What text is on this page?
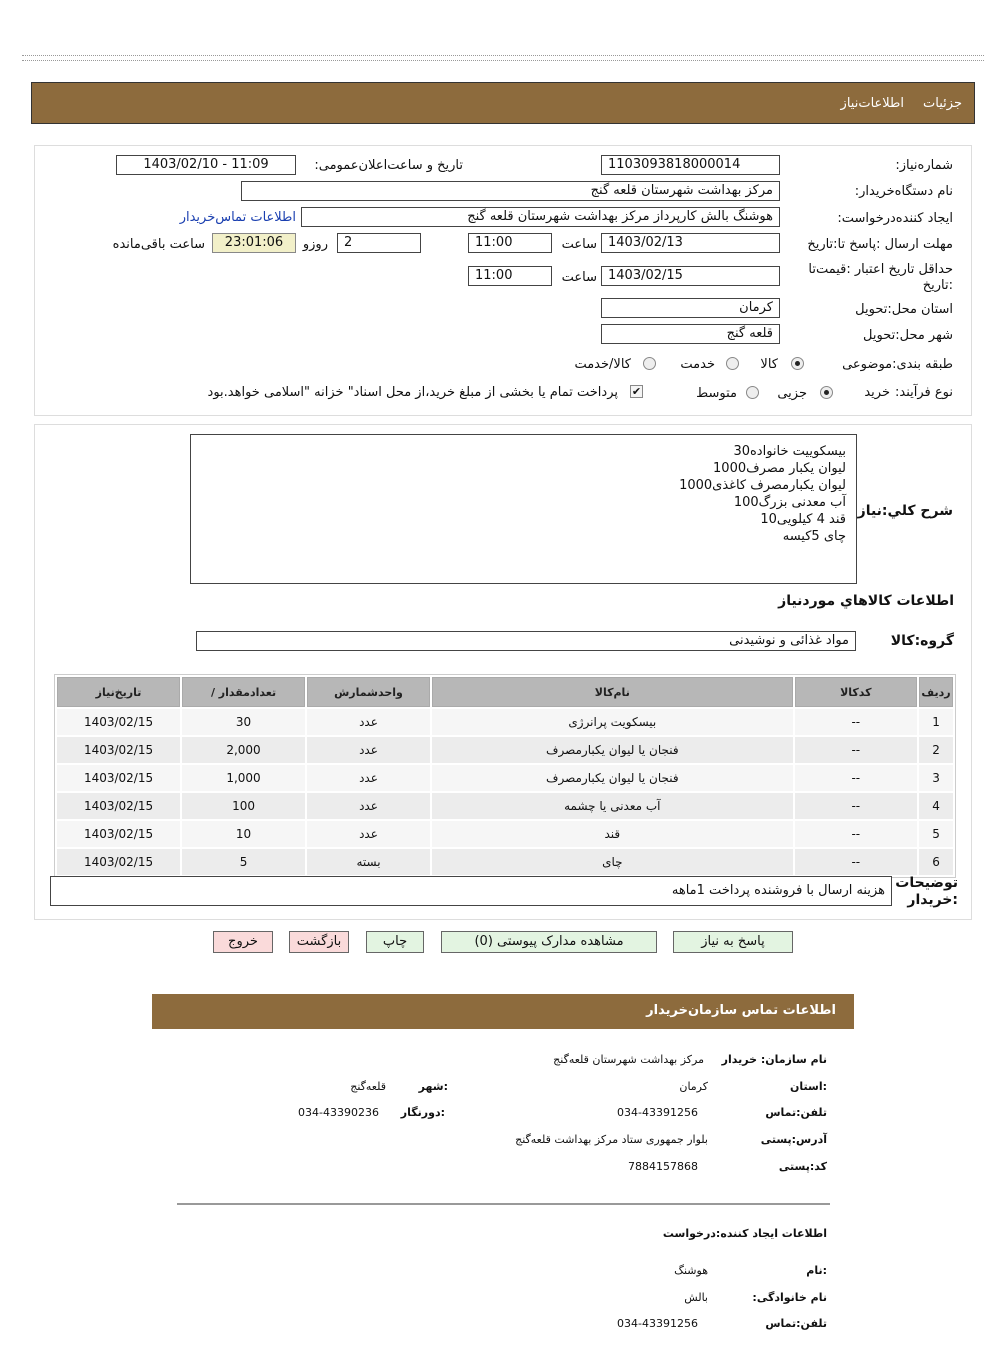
جزئیات
اطلاعات‌نیاز
شماره‌نیاز:
1103093818000014
تاریخ و ساعت‌اعلان‌عمومی:
1403/02/10 - 11:09
نام دستگاه‌خریدار:
مرکز بهداشت شهرستان قلعه گنج
ایجاد کننده‌درخواست:
هوشنگ بالش کارپرداز مرکز بهداشت شهرستان قلعه گنج
اطلاعات تماس‌خریدار
مهلت ارسال :پاسخ تا:تاریخ
1403/02/13
ساعت
11:00
2
روزو
23:01:06
ساعت باقی‌مانده
حداقل تاریخ اعتبار :قیمت‌تا
:تاریخ
1403/02/15
ساعت
11:00
استان محل:تحویل
کرمان
شهر محل:تحویل
قلعه گنج
طبقه بندی:موضوعی
کالا
خدمت
کالا/خدمت
نوع فرآیند:
خرید
جزیی
متوسط
✔
پرداخت تمام یا بخشی از مبلغ خرید،از محل اسناد" خزانه "اسلامی خواهد.بود
شرح کلي:نياز
بیسکوییت خانواده30
لیوان یکبار مصرف1000
لیوان یکبارمصرف کاغذی1000
آب معدنی بزرگ100
قند 4 کیلویی10
چای 5کیسه
اطلاعات کالاهاي موردنياز
گروه:کالا
مواد غذائی و نوشیدنی
رديف	کدکالا	نام‌کالا	واحدشمارش	تعداد‌مقدار /	تاریخ‌نیاز
1	--	بیسکویت پرانرژی	عدد	30	1403/02/15
2	--	فنجان یا لیوان یکبارمصرف	عدد	2,000	1403/02/15
3	--	فنجان یا لیوان یکبارمصرف	عدد	1,000	1403/02/15
4	--	آب معدنی یا چشمه	عدد	100	1403/02/15
5	--	قند	عدد	10	1403/02/15
6	--	چای	بسته	5	1403/02/15
توضیحات
:خریدار
هزینه ارسال با فروشنده پرداخت 1ماهه
پاسخ به نیاز
مشاهده مدارک پیوستی (0)
چاپ
بازگشت
خروج
اطلاعات تماس سازمان‌خریدار
نام سازمان: خریدار
مرکز بهداشت شهرستان قلعه‌گنج
:استان
کرمان
:شهر
قلعه‌گنج
تلفن:تماس
034-43391256
:دورنگار
034-43390236
آدرس:پستی
بلوار جمهوری ستاد مرکز بهداشت قلعه‌گنج
کد:پستی
7884157868
اطلاعات ایجاد کننده:درخواست
:نام
هوشنگ
نام خانوادگی:
بالش
تلفن:تماس
034-43391256
